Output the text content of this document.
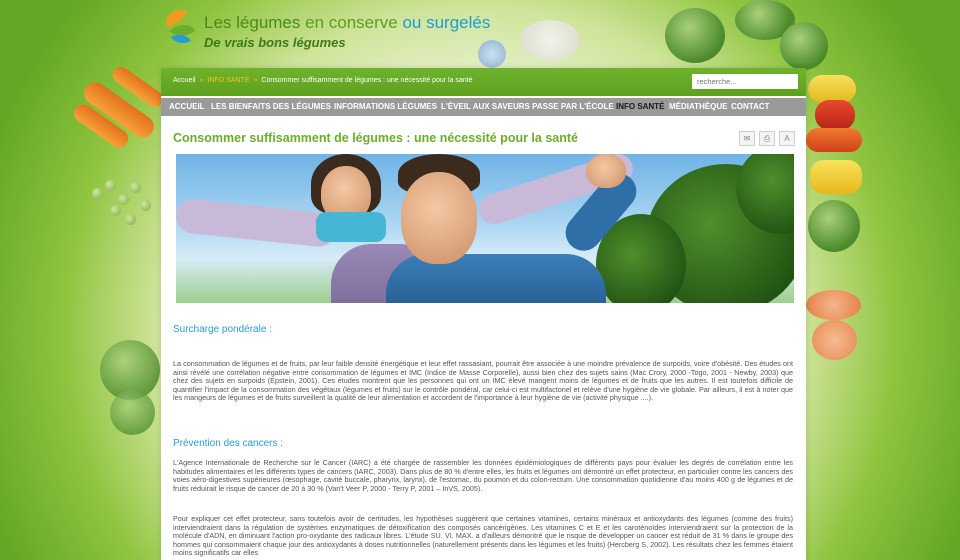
Les légumes en conserve ou surgelés
De vrais bons légumes
Accueil » INFO SANTÉ » Consommer suffisamment de légumes : une nécessité pour la santé
recherche...
ACCUEIL LES BIENFAITS DES LÉGUMES INFORMATIONS LÉGUMES L'ÉVEIL AUX SAVEURS PASSE PAR L'ÉCOLE INFO SANTÉ MÉDIATHÈQUE CONTACT
Consommer suffisamment de légumes : une nécessité pour la santé	✉	⎙	A
Surcharge pondérale :

La consommation de légumes et de fruits, par leur faible densité énergétique et leur effet rassasiant, pourrait être associée à une moindre prévalence de surpoids, voire d'obésité. Des études ont ainsi révélé une corrélation négative entre consommation de légumes et IMC (Indice de Masse Corporelle), aussi bien chez des sujets sains (Mac Crory, 2000 -Togo, 2001 - Newby, 2003) que chez des sujets en surpoids (Epstein, 2001). Ces études montrent que les personnes qui ont un IMC élevé mangent moins de légumes et de fruits que les autres. Il est toutefois difficile de quantifier l'impact de la consommation des végétaux (légumes et fruits) sur le contrôle pondéral, car celui-ci est multifactoriel et relève d'une hygiène de vie globale. Par ailleurs, il est à noter que les mangeurs de légumes et de fruits surveillent la qualité de leur alimentation et accordent de l'importance à leur hygiène de vie (activité physique ....).

Prévention des cancers :

L'Agence Internationale de Recherche sur le Cancer (IARC) a été chargée de rassembler les données épidémiologiques de différents pays pour évaluer les degrés de corrélation entre les habitudes alimentaires et les différents types de cancers (IARC, 2003). Dans plus de 80 % d'entre elles, les fruits et légumes ont démontré un effet protecteur, en particulier contre les cancers des voies aéro-digestives supérieures (œsophage, cavité buccale, pharynx, larynx), de l'estomac, du poumon et du colon-rectum. Une consommation quotidienne d'au moins 400 g de légumes et de fruits réduirait le risque de cancer de 20 à 30 % (Van't Veer P, 2000 - Terry P, 2001 – InVS, 2005).

Pour expliquer cet effet protecteur, sans toutefois avoir de certitudes, les hypothèses suggèrent que certaines vitamines, certains minéraux et antioxydants des légumes (comme des fruits) interviendraient dans la régulation de systèmes enzymatiques de détoxification des composés cancérigènes. Les vitamines C et E et les caroténoïdes interviendraient sur la protection de la molécule d'ADN, en diminuant l'action pro-oxydante des radicaux libres. L'étude SU. VI. MAX. a d'ailleurs démontré que le risque de développer un cancer est réduit de 31 % dans le groupe des hommes qui consommaient chaque jour des antioxydants à doses nutritionnelles (naturellement présents dans les légumes et les fruits) (Hercberg S, 2002). Les résultats chez les femmes étaient moins significatifs car elles
